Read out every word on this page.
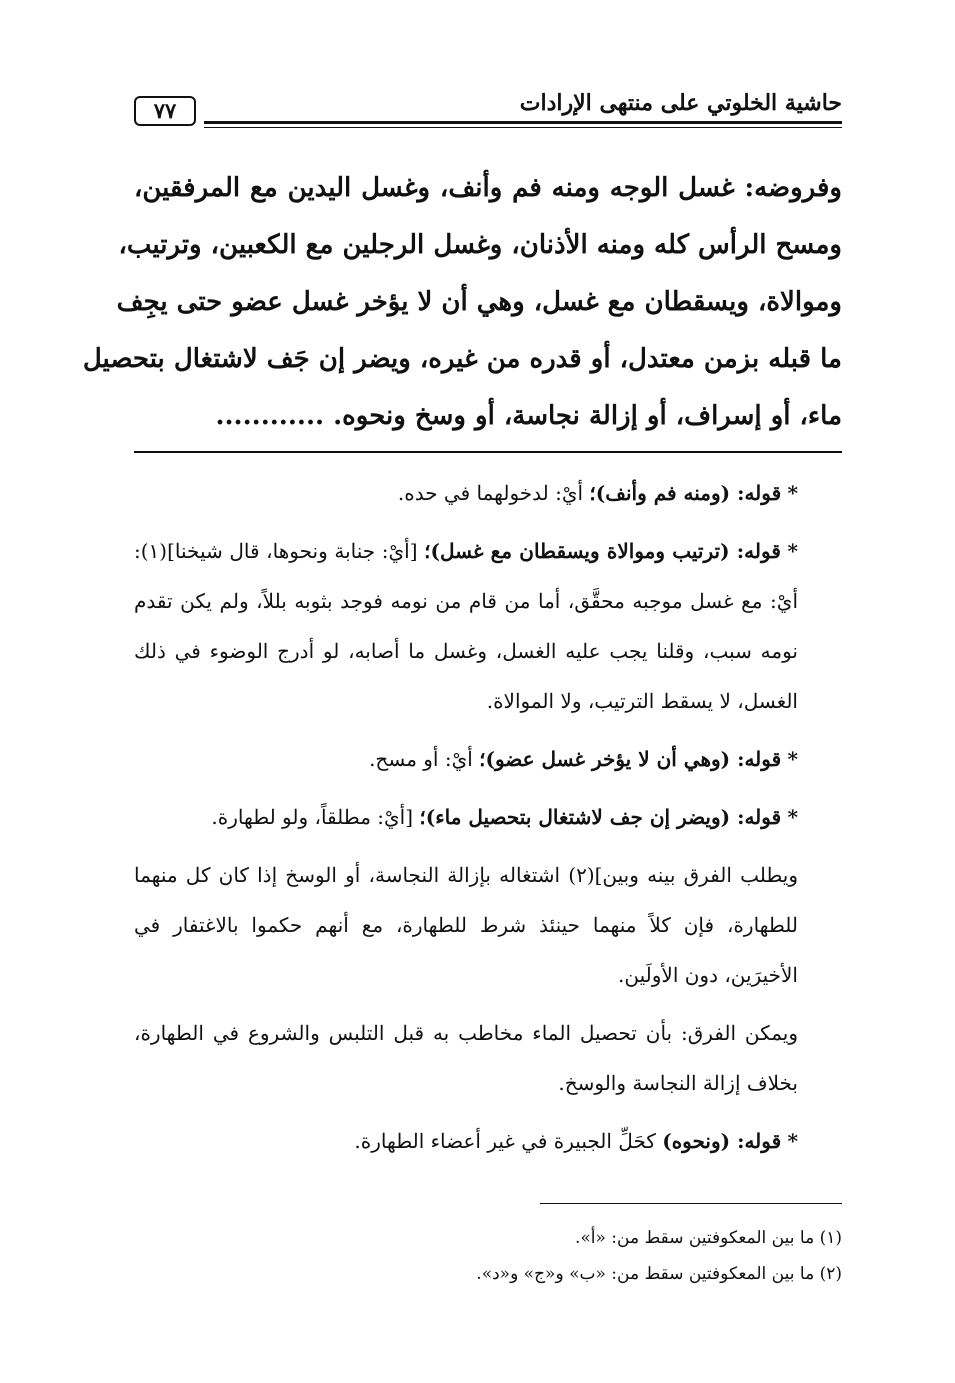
٧٧	حاشية الخلوتي على منتهى الإرادات
وفروضه: غسل الوجه ومنه فم وأنف، وغسل اليدين مع المرفقين،
ومسح الرأس كله ومنه الأذنان، وغسل الرجلين مع الكعبين، وترتيب،
وموالاة، ويسقطان مع غسل، وهي أن لا يؤخر غسل عضو حتى يجِف
ما قبله بزمن معتدل، أو قدره من غيره، ويضر إن جَف لاشتغال بتحصيل
ماء، أو إسراف، أو إزالة نجاسة، أو وسخ ونحوه. ............

* قوله: (ومنه فم وأنف)؛ أيْ: لدخولهما في حده.

* قوله: (ترتيب وموالاة ويسقطان مع غسل)؛ [أيْ: جنابة ونحوها، قال شيخنا](١): أيْ: مع غسل موجبه محقَّق، أما من قام من نومه فوجد بثوبه بللاً، ولم يكن تقدم نومه سبب، وقلنا يجب عليه الغسل، وغسل ما أصابه، لو أدرج الوضوء في ذلك الغسل، لا يسقط الترتيب، ولا الموالاة.

* قوله: (وهي أن لا يؤخر غسل عضو)؛ أيْ: أو مسح.

* قوله: (ويضر إن جف لاشتغال بتحصيل ماء)؛ [أيْ: مطلقاً، ولو لطهارة.

ويطلب الفرق بينه وبين](٢) اشتغاله بإزالة النجاسة، أو الوسخ إذا كان كل منهما للطهارة، فإن كلاً منهما حينئذ شرط للطهارة، مع أنهم حكموا بالاغتفار في الأخيرَين، دون الأولَين.

ويمكن الفرق: بأن تحصيل الماء مخاطب به قبل التلبس والشروع في الطهارة، بخلاف إزالة النجاسة والوسخ.

* قوله: (ونحوه) كحَلِّ الجبيرة في غير أعضاء الطهارة.

(١) ما بين المعكوفتين سقط من: «أ».
(٢) ما بين المعكوفتين سقط من: «ب» و«ج» و«د».
